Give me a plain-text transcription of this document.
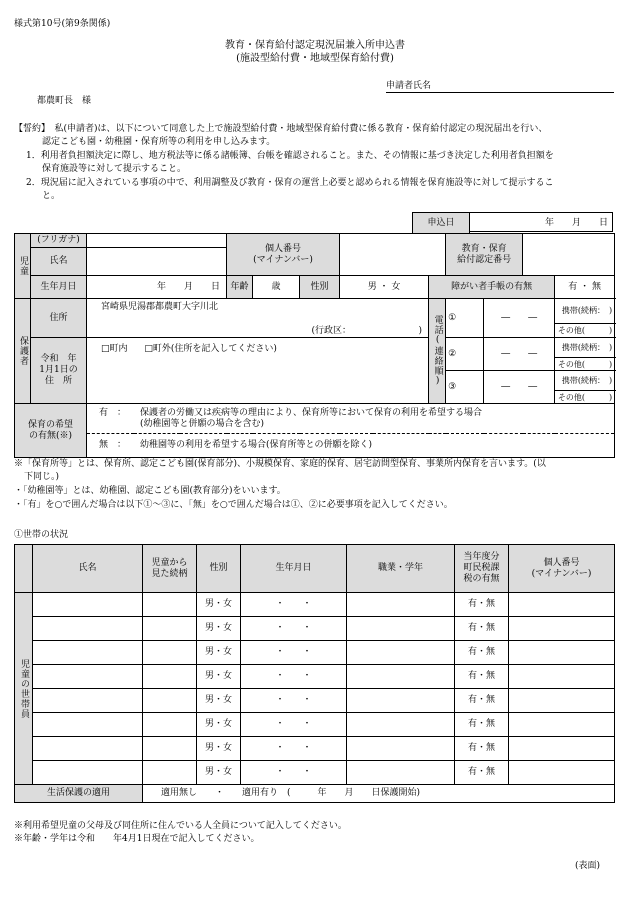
様式第10号(第9条関係)
教育・保育給付認定現況届兼入所申込書
(施設型給付費・地域型保育給付費)
申請者氏名
都農町長　様
【誓約】　私(申請者)は、以下について同意した上で施設型給付費・地域型保育給付費に係る教育・保育給付認定の現況届出を行い、
認定こども園・幼稚園・保育所等の利用を申し込みます。
1．利用者負担額決定に際し、地方税法等に係る諸帳簿、台帳を確認されること。また、その情報に基づき決定した利用者負担額を
保育施設等に対して提示すること。
2．現況届に記入されている事項の中で、利用調整及び教育・保育の運営上必要と認められる情報を保育施設等に対して提示するこ
と。
申込日	年　　月　　日
児童	(フリガナ)		個人番号
(マイナンバー)					教育・保育
給付認定番号			
	氏名										
	生年月日	年　　月　　日	年齢	歳	性別	男 ・ 女	障がい者手帳の有無				有 ・ 無

保護者	住所	宮崎県児湯郡都農町大字川北
(行政区：　　　　　　　　)					電話(連絡順)	①	―　　―		携帯(続柄：　)
											その他(　　　)
	令和　年
1月1日の
住　所	□町内 □町外(住所を記入してください)						②	―　　―		携帯(続柄：　)
											その他(　　　)
								③	―　　―		携帯(続柄：　)
											その他(　　　)
保育の希望
の有無(※)		有　： 保護者の労働又は疾病等の理由により、保育所等において保育の利用を希望する場合
(幼稚園等と併願の場合を含む)									

		無　： 幼稚園等の利用を希望する場合(保育所等との併願を除く)									
※「保育所等」とは、保育所、認定こども園(保育部分)、小規模保育、家庭的保育、居宅訪問型保育、事業所内保育を言います。(以
下同じ。)
・「幼稚園等」とは、幼稚園、認定こども園(教育部分)をいいます。
・「有」を○で囲んだ場合は以下①～③に、「無」を○で囲んだ場合は①、②に必要事項を記入してください。
①世帯の状況
	氏名	児童から
見た続柄	性別	生年月日	職業・学年	当年度分
町民税課
税の有無	個人番号
(マイナンバー)

児童の世帯員			男・女	・　　・		有・無	
			男・女	・　　・		有・無	
			男・女	・　　・		有・無	
			男・女	・　　・		有・無	
			男・女	・　　・		有・無	
			男・女	・　　・		有・無	
			男・女	・　　・		有・無	
			男・女	・　　・		有・無	
生活保護の適用		適用無し　　・　　適用有り　(　　　年　　月　　日保護開始)					
※利用希望児童の父母及び同住所に住んでいる人全員について記入してください。
※年齢・学年は令和　　年4月1日現在で記入してください。
(表面)
